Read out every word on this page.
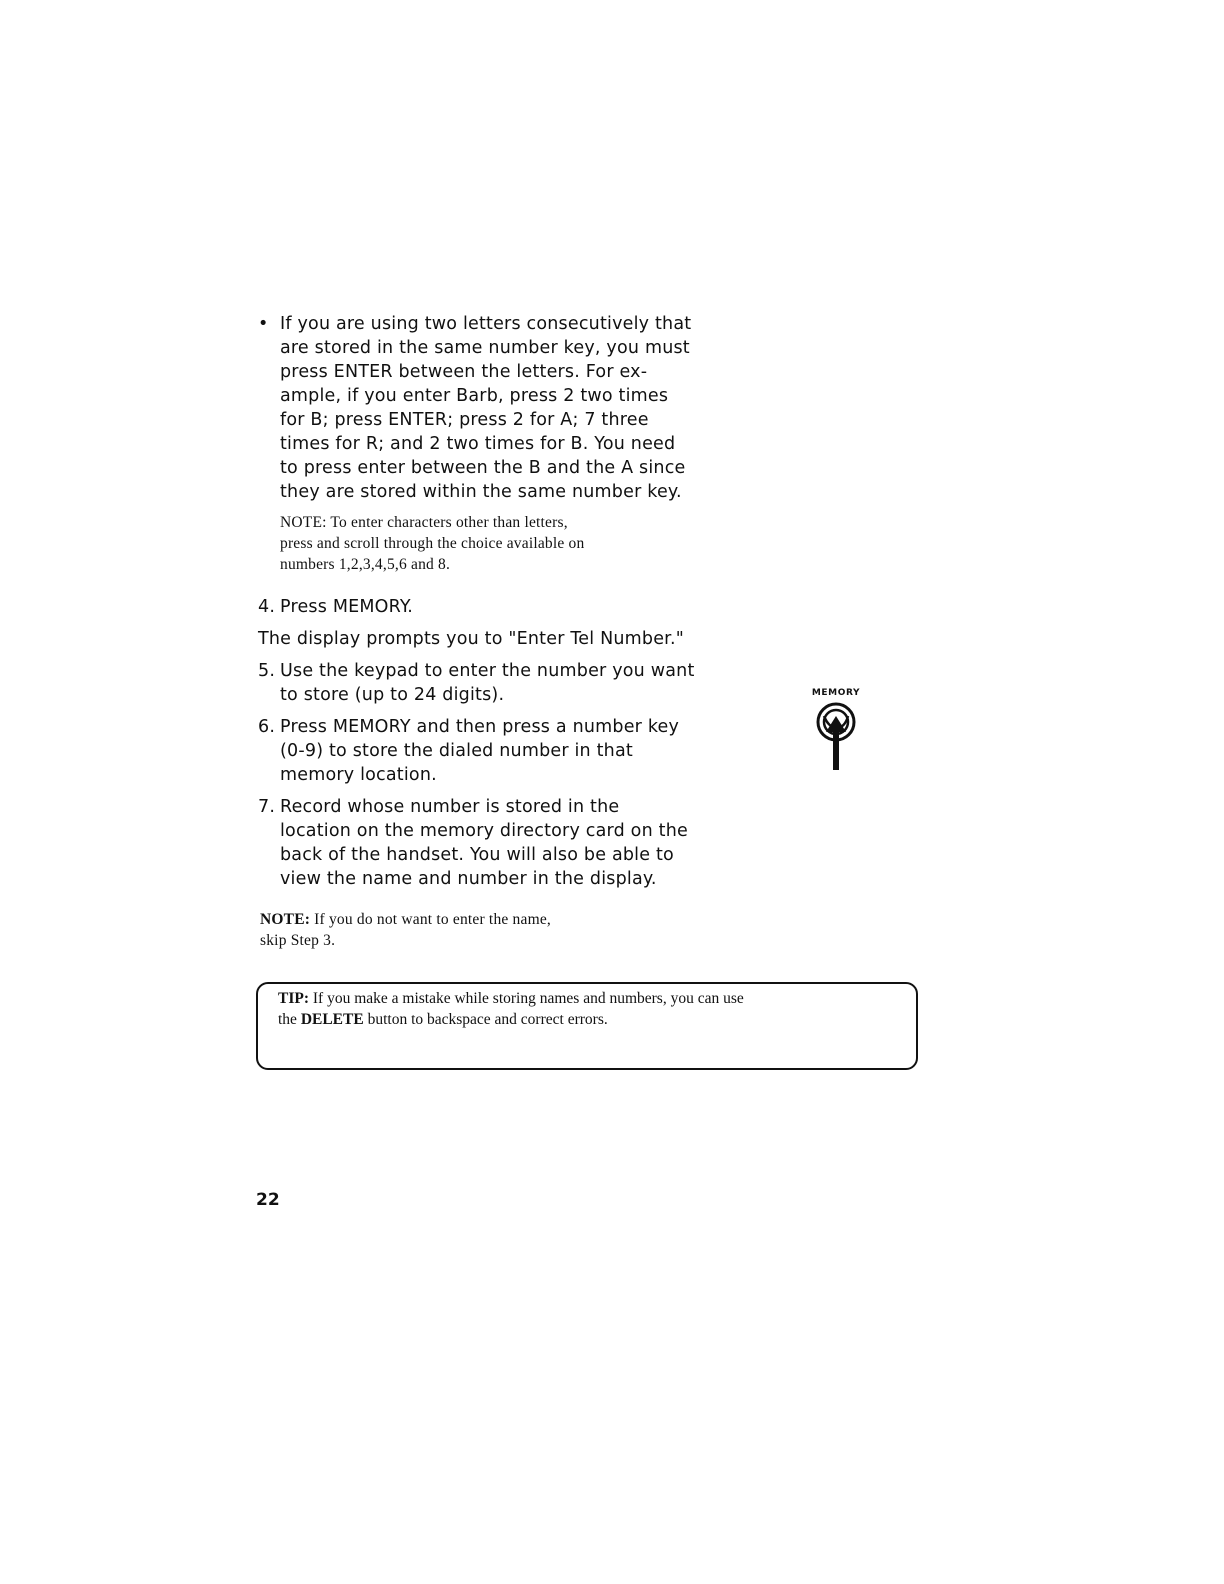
• If you are using two letters consecutively that
are stored in the same number key, you must
press ENTER between the letters. For ex-
ample, if you enter Barb, press 2 two times
for B; press ENTER; press 2 for A; 7 three
times for R; and 2 two times for B. You need
to press enter between the B and the A since
they are stored within the same number key.
NOTE: To enter characters other than letters,
press and scroll through the choice available on
numbers 1,2,3,4,5,6 and 8.
4. Press MEMORY.
The display prompts you to "Enter Tel Number."
5. Use the keypad to enter the number you want
to store (up to 24 digits).
6. Press MEMORY and then press a number key
(0-9) to store the dialed number in that
memory location.
7. Record whose number is stored in the
location on the memory directory card on the
back of the handset. You will also be able to
view the name and number in the display.
NOTE: If you do not want to enter the name,
skip Step 3.
TIP: If you make a mistake while storing names and numbers, you can use
the DELETE button to backspace and correct errors.
MEMORY
22
